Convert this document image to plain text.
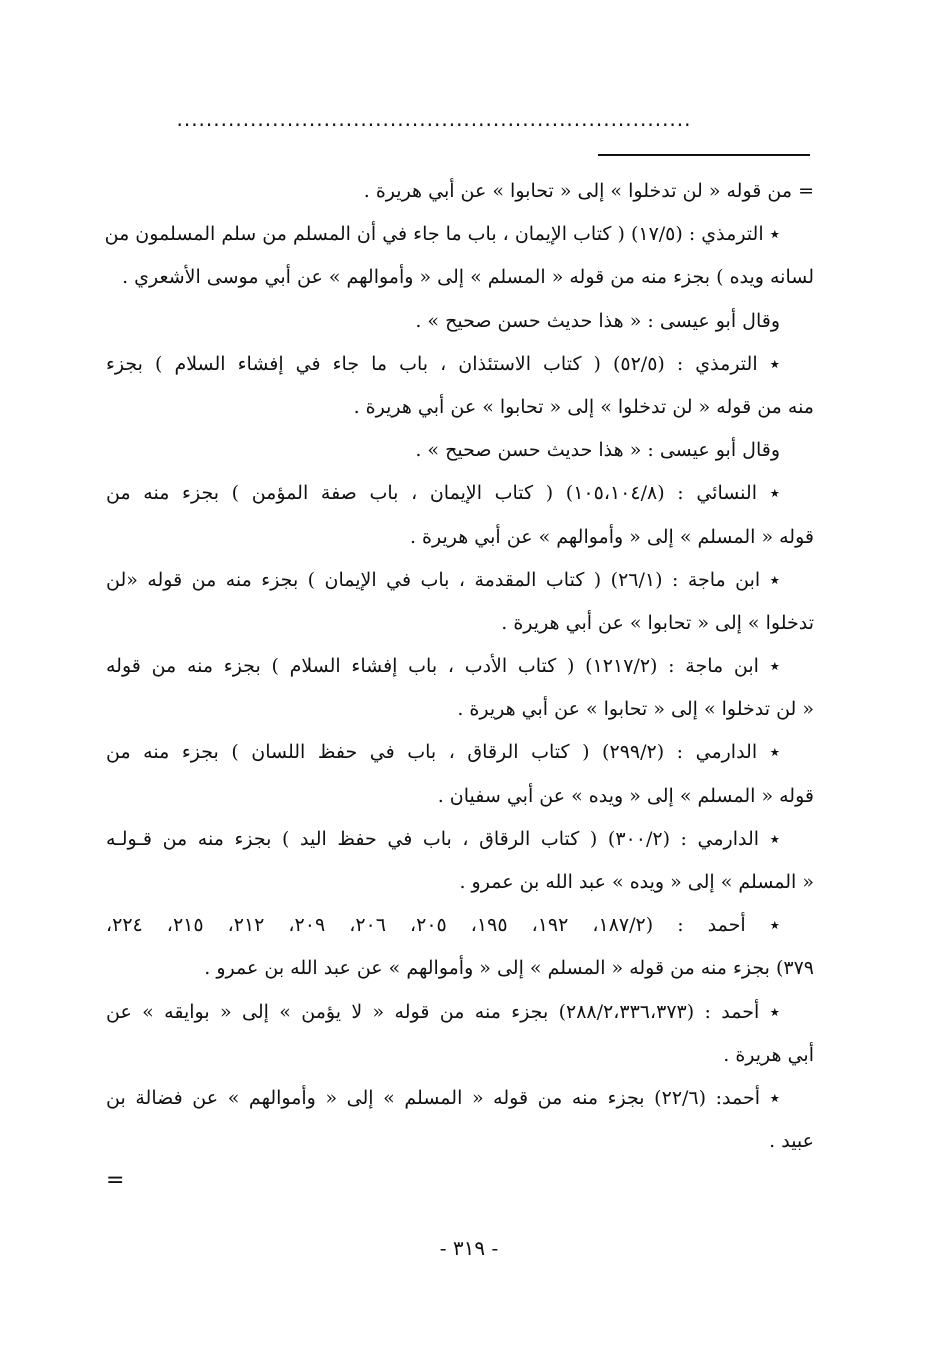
......................................................................
= من قوله « لن تدخلوا » إلى « تحابوا » عن أبي هريرة .
٭ الترمذي : (١٧/٥) ( كتاب الإيمان ، باب ما جاء في أن المسلم من سلم المسلمون من
لسانه ويده ) بجزء منه من قوله « المسلم » إلى « وأموالهم » عن أبي موسى الأشعري .
وقال أبو عيسى : « هذا حديث حسن صحيح » .
٭ الترمذي : (٥٢/٥) ( كتاب الاستئذان ، باب ما جاء في إفشاء السلام ) بجزء
منه من قوله « لن تدخلوا » إلى « تحابوا » عن أبي هريرة .
وقال أبو عيسى : « هذا حديث حسن صحيح » .
٭ النسائي : (١٠٥،١٠٤/٨) ( كتاب الإيمان ، باب صفة المؤمن ) بجزء منه من
قوله « المسلم » إلى « وأموالهم » عن أبي هريرة .
٭ ابن ماجة : (٢٦/١) ( كتاب المقدمة ، باب في الإيمان ) بجزء منه من قوله «لن
تدخلوا » إلى « تحابوا » عن أبي هريرة .
٭ ابن ماجة : (١٢١٧/٢) ( كتاب الأدب ، باب إفشاء السلام ) بجزء منه من قوله
« لن تدخلوا » إلى « تحابوا » عن أبي هريرة .
٭ الدارمي : (٢٩٩/٢) ( كتاب الرقاق ، باب في حفظ اللسان ) بجزء منه من
قوله « المسلم » إلى « ويده » عن أبي سفيان .
٭ الدارمي : (٣٠٠/٢) ( كتاب الرقاق ، باب في حفظ اليد ) بجزء منه من قـولـه
« المسلم » إلى « ويده » عبد الله بن عمرو .
٭ أحمد : (١٨٧/٢، ١٩٢، ١٩٥، ٢٠٥، ٢٠٦، ٢٠٩، ٢١٢، ٢١٥، ٢٢٤،
٣٧٩) بجزء منه من قوله « المسلم » إلى « وأموالهم » عن عبد الله بن عمرو .
٭ أحمد : (٢٨٨/٢،٣٣٦،٣٧٣) بجزء منه من قوله « لا يؤمن » إلى « بوايقه » عن
أبي هريرة .
٭ أحمد: (٢٢/٦) بجزء منه من قوله « المسلم » إلى « وأموالهم » عن فضالة بن
عبيد .
=
- ٣١٩ -
